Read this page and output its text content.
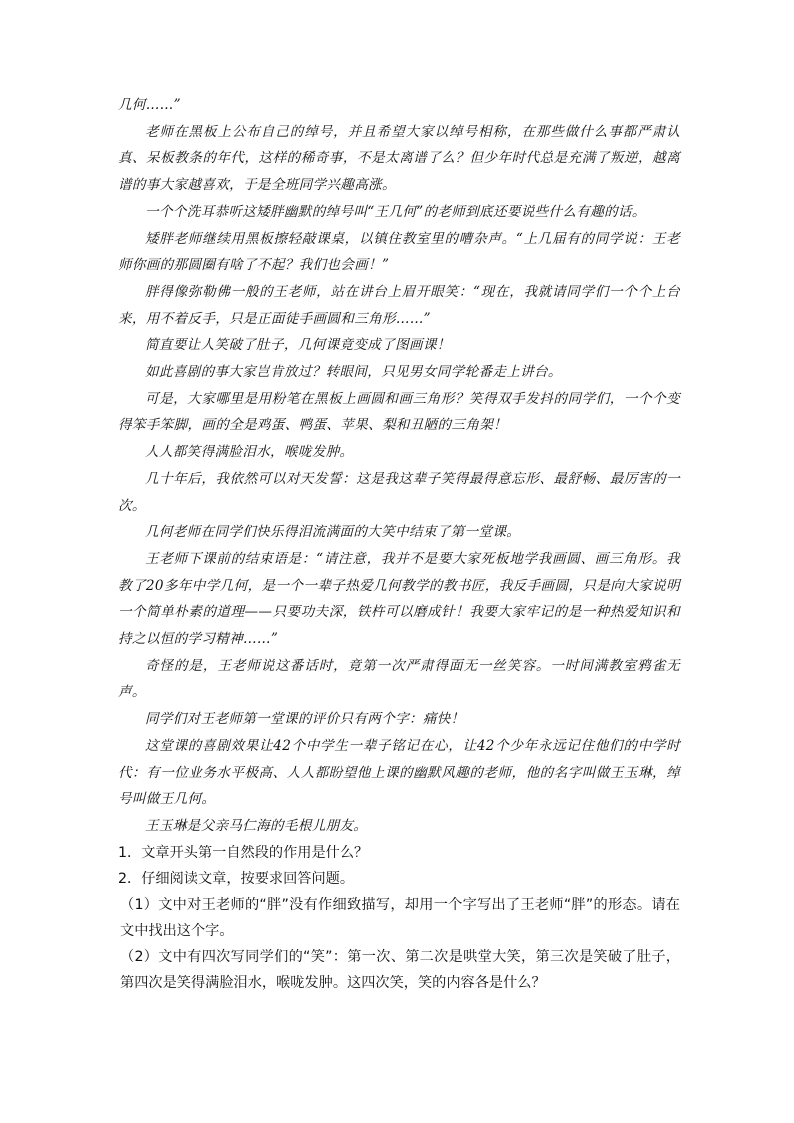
几何……”

老师在黑板上公布自己的绰号，并且希望大家以绰号相称，在那些做什么事都严肃认真、呆板教条的年代，这样的稀奇事，不是太离谱了么？但少年时代总是充满了叛逆，越离谱的事大家越喜欢，于是全班同学兴趣高涨。

一个个洗耳恭听这矮胖幽默的绰号叫“王几何”的老师到底还要说些什么有趣的话。

矮胖老师继续用黑板擦轻敲课桌，以镇住教室里的嘈杂声。“上几届有的同学说：王老师你画的那圆圈有啥了不起？我们也会画！”

胖得像弥勒佛一般的王老师，站在讲台上眉开眼笑：“现在，我就请同学们一个个上台来，用不着反手，只是正面徒手画圆和三角形……”

简直要让人笑破了肚子，几何课竟变成了图画课！

如此喜剧的事大家岂肯放过？转眼间，只见男女同学轮番走上讲台。

可是，大家哪里是用粉笔在黑板上画圆和画三角形？笑得双手发抖的同学们，一个个变得笨手笨脚，画的全是鸡蛋、鸭蛋、苹果、梨和丑陋的三角架！

人人都笑得满脸泪水，喉咙发肿。

几十年后，我依然可以对天发誓：这是我这辈子笑得最得意忘形、最舒畅、最厉害的一次。

几何老师在同学们快乐得泪流满面的大笑中结束了第一堂课。

王老师下课前的结束语是：“请注意，我并不是要大家死板地学我画圆、画三角形。我教了20多年中学几何，是一个一辈子热爱几何教学的教书匠，我反手画圆，只是向大家说明一个简单朴素的道理——只要功夫深，铁杵可以磨成针！我要大家牢记的是一种热爱知识和持之以恒的学习精神……”

奇怪的是，王老师说这番话时，竟第一次严肃得面无一丝笑容。一时间满教室鸦雀无声。

同学们对王老师第一堂课的评价只有两个字：痛快！

这堂课的喜剧效果让42个中学生一辈子铭记在心，让42个少年永远记住他们的中学时代：有一位业务水平极高、人人都盼望他上课的幽默风趣的老师，他的名字叫做王玉琳，绰号叫做王几何。

王玉琳是父亲马仁海的毛根儿朋友。

1．文章开头第一自然段的作用是什么？

2．仔细阅读文章，按要求回答问题。

（1）文中对王老师的“胖”没有作细致描写，却用一个字写出了王老师“胖”的形态。请在文中找出这个字。

（2）文中有四次写同学们的“笑”：第一次、第二次是哄堂大笑，第三次是笑破了肚子，第四次是笑得满脸泪水，喉咙发肿。这四次笑，笑的内容各是什么？
